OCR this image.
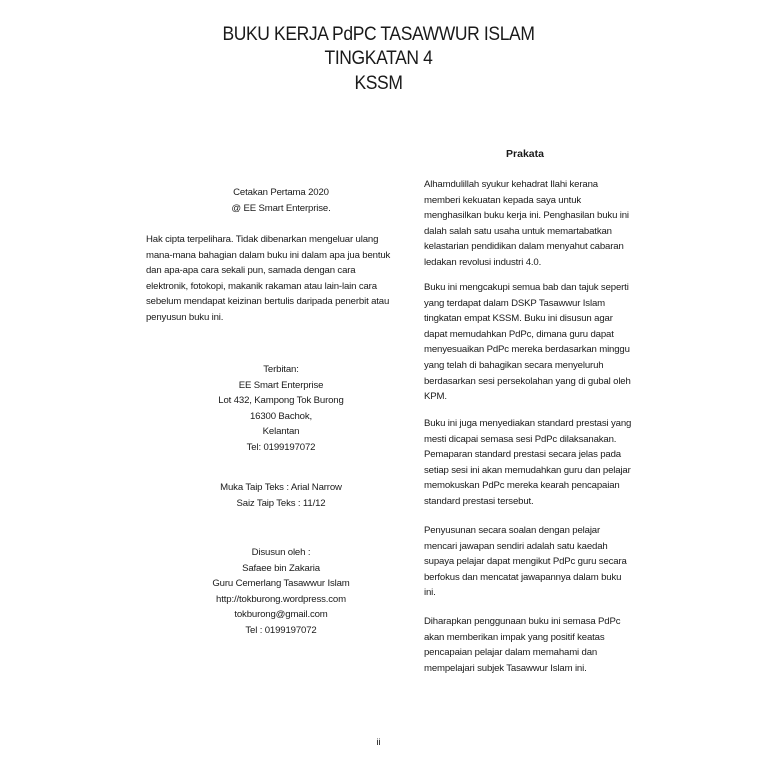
BUKU KERJA PdPC TASAWWUR ISLAM
TINGKATAN 4
KSSM
Cetakan Pertama 2020
@ EE Smart Enterprise.
Hak cipta terpelihara. Tidak dibenarkan mengeluar ulang
mana-mana bahagian dalam buku ini dalam apa jua bentuk
dan apa-apa cara sekali pun, samada dengan cara
elektronik, fotokopi, makanik rakaman atau lain-lain cara
sebelum mendapat keizinan bertulis daripada penerbit atau
penyusun buku ini.
Terbitan:
EE Smart Enterprise
Lot 432, Kampong Tok Burong
16300 Bachok,
Kelantan
Tel: 0199197072
Muka Taip Teks : Arial Narrow
Saiz Taip Teks : 11/12
Disusun oleh :
Safaee bin Zakaria
Guru Cemerlang Tasawwur Islam
http://tokburong.wordpress.com
tokburong@gmail.com
Tel : 0199197072
Prakata
Alhamdulillah syukur kehadrat Ilahi kerana
memberi kekuatan kepada saya untuk
menghasilkan buku kerja ini. Penghasilan buku ini
dalah salah satu usaha untuk memartabatkan
kelastarian pendidikan dalam menyahut cabaran
ledakan revolusi industri 4.0.
Buku ini mengcakupi semua bab dan tajuk seperti
yang terdapat dalam DSKP Tasawwur Islam
tingkatan empat KSSM. Buku ini disusun agar
dapat memudahkan PdPc, dimana guru dapat
menyesuaikan PdPc mereka berdasarkan minggu
yang telah di bahagikan secara menyeluruh
berdasarkan sesi persekolahan yang di gubal oleh
KPM.
Buku ini juga menyediakan standard prestasi yang
mesti dicapai semasa sesi PdPc dilaksanakan.
Pemaparan standard prestasi secara jelas pada
setiap sesi ini akan memudahkan guru dan pelajar
memokuskan PdPc mereka kearah pencapaian
standard prestasi tersebut.
Penyusunan secara soalan dengan pelajar
mencari jawapan sendiri adalah satu kaedah
supaya pelajar dapat mengikut PdPc guru secara
berfokus dan mencatat jawapannya dalam buku
ini.
Diharapkan penggunaan buku ini semasa PdPc
akan memberikan impak yang positif keatas
pencapaian pelajar dalam memahami dan
mempelajari subjek Tasawwur Islam ini.
ii
